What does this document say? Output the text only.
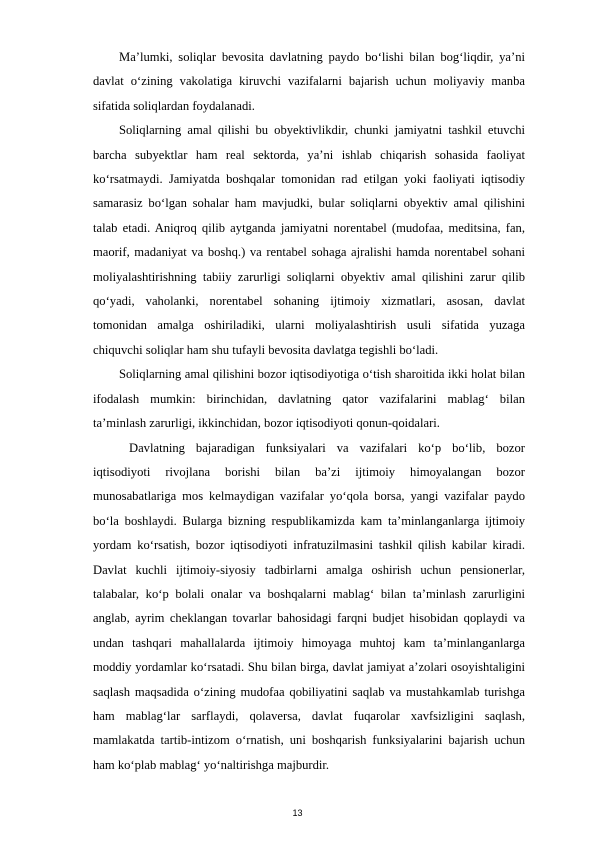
Ma’lumki, soliqlar bevosita davlatning paydo bo‘lishi bilan bog‘liqdir, ya’ni davlat o‘zining vakolatiga kiruvchi vazifalarni bajarish uchun moliyaviy manba sifatida soliqlardan foydalanadi.

Soliqlarning amal qilishi bu obyektivlikdir, chunki jamiyatni tashkil etuvchi barcha subyektlar ham real sektorda, ya’ni ishlab chiqarish sohasida faoliyat ko‘rsatmaydi. Jamiyatda boshqalar tomonidan rad etilgan yoki faoliyati iqtisodiy samarasiz bo‘lgan sohalar ham mavjudki, bular soliqlarni obyektiv amal qilishini talab etadi. Aniqroq qilib aytganda jamiyatni norentabel (mudofaa, meditsina, fan, maorif, madaniyat va boshq.) va rentabel sohaga ajralishi hamda norentabel sohani moliyalashtirishning tabiiy zarurligi soliqlarni obyektiv amal qilishini zarur qilib qo‘yadi, vaholanki, norentabel sohaning ijtimoiy xizmatlari, asosan, davlat tomonidan amalga oshiriladiki, ularni moliyalashtirish usuli sifatida yuzaga chiquvchi soliqlar ham shu tufayli bevosita davlatga tegishli bo‘ladi.

Soliqlarning amal qilishini bozor iqtisodiyotiga o‘tish sharoitida ikki holat bilan ifodalash mumkin: birinchidan, davlatning qator vazifalarini mablag‘ bilan ta’minlash zarurligi, ikkinchidan, bozor iqtisodiyoti qonun-qoidalari.

Davlatning bajaradigan funksiyalari va vazifalari ko‘p bo‘lib, bozor iqtisodiyoti rivojlana borishi bilan ba’zi ijtimoiy himoyalangan bozor munosabatlariga mos kelmaydigan vazifalar yo‘qola borsa, yangi vazifalar paydo bo‘la boshlaydi. Bularga bizning respublikamizda kam ta’minlanganlarga ijtimoiy yordam ko‘rsatish, bozor iqtisodiyoti infratuzilmasini tashkil qilish kabilar kiradi. Davlat kuchli ijtimoiy-siyosiy tadbirlarni amalga oshirish uchun pensionerlar, talabalar, ko‘p bolali onalar va boshqalarni mablag‘ bilan ta’minlash zarurligini anglab, ayrim cheklangan tovarlar bahosidagi farqni budjet hisobidan qoplaydi va undan tashqari mahallalarda ijtimoiy himoyaga muhtoj kam ta’minlanganlarga moddiy yordamlar ko‘rsatadi. Shu bilan birga, davlat jamiyat a’zolari osoyishtaligini saqlash maqsadida o‘zining mudofaa qobiliyatini saqlab va mustahkamlab turishga ham mablag‘lar sarflaydi, qolaversa, davlat fuqarolar xavfsizligini saqlash, mamlakatda tartib-intizom o‘rnatish, uni boshqarish funksiyalarini bajarish uchun ham ko‘plab mablag‘ yo‘naltirishga majburdir.

13
